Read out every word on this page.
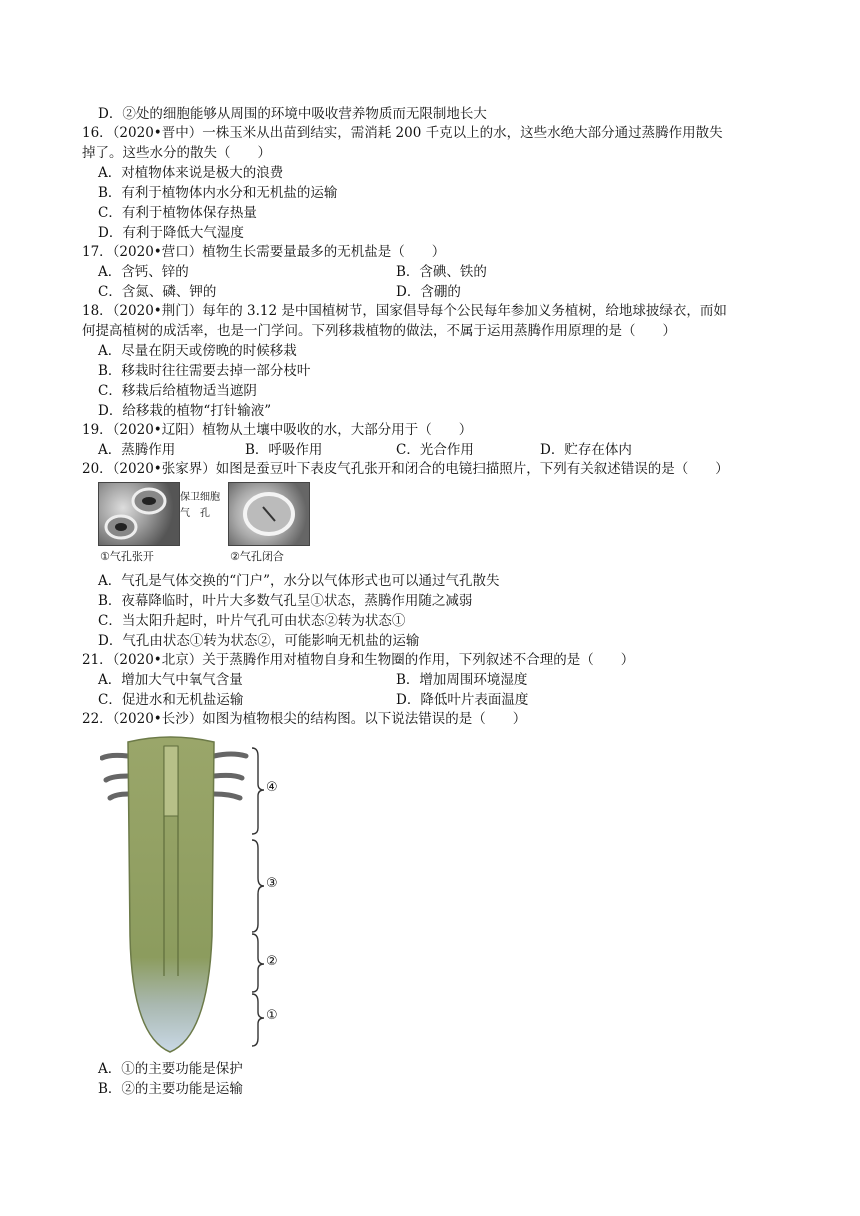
D．②处的细胞能够从周围的环境中吸收营养物质而无限制地长大
16．（2020•晋中）一株玉米从出苗到结实，需消耗 200 千克以上的水，这些水绝大部分通过蒸腾作用散失
掉了。这些水分的散失（　　）
A．对植物体来说是极大的浪费
B．有利于植物体内水分和无机盐的运输
C．有利于植物体保存热量
D．有利于降低大气湿度
17．（2020•营口）植物生长需要量最多的无机盐是（　　）
A．含钙、锌的	B．含碘、铁的
C．含氮、磷、钾的	D．含硼的
18．（2020•荆门）每年的 3.12 是中国植树节，国家倡导每个公民每年参加义务植树，给地球披绿衣，而如
何提高植树的成活率，也是一门学问。下列移栽植物的做法，不属于运用蒸腾作用原理的是（　　）
A．尽量在阴天或傍晚的时候移栽
B．移栽时往往需要去掉一部分枝叶
C．移栽后给植物适当遮阴
D．给移栽的植物“打针输液”
19．（2020•辽阳）植物从土壤中吸收的水，大部分用于（　　）
A．蒸腾作用	B．呼吸作用	C．光合作用	D．贮存在体内
20．（2020•张家界）如图是蚕豆叶下表皮气孔张开和闭合的电镜扫描照片，下列有关叙述错误的是（　　）
保卫细胞
气　孔
①气孔张开	②气孔闭合
A．气孔是气体交换的“门户”，水分以气体形式也可以通过气孔散失
B．夜幕降临时，叶片大多数气孔呈①状态，蒸腾作用随之减弱
C．当太阳升起时，叶片气孔可由状态②转为状态①
D．气孔由状态①转为状态②，可能影响无机盐的运输
21．（2020•北京）关于蒸腾作用对植物自身和生物圈的作用，下列叙述不合理的是（　　）
A．增加大气中氧气含量	B．增加周围环境湿度
C．促进水和无机盐运输	D．降低叶片表面温度
22．（2020•长沙）如图为植物根尖的结构图。以下说法错误的是（　　）
④
③
②
①
A．①的主要功能是保护
B．②的主要功能是运输
